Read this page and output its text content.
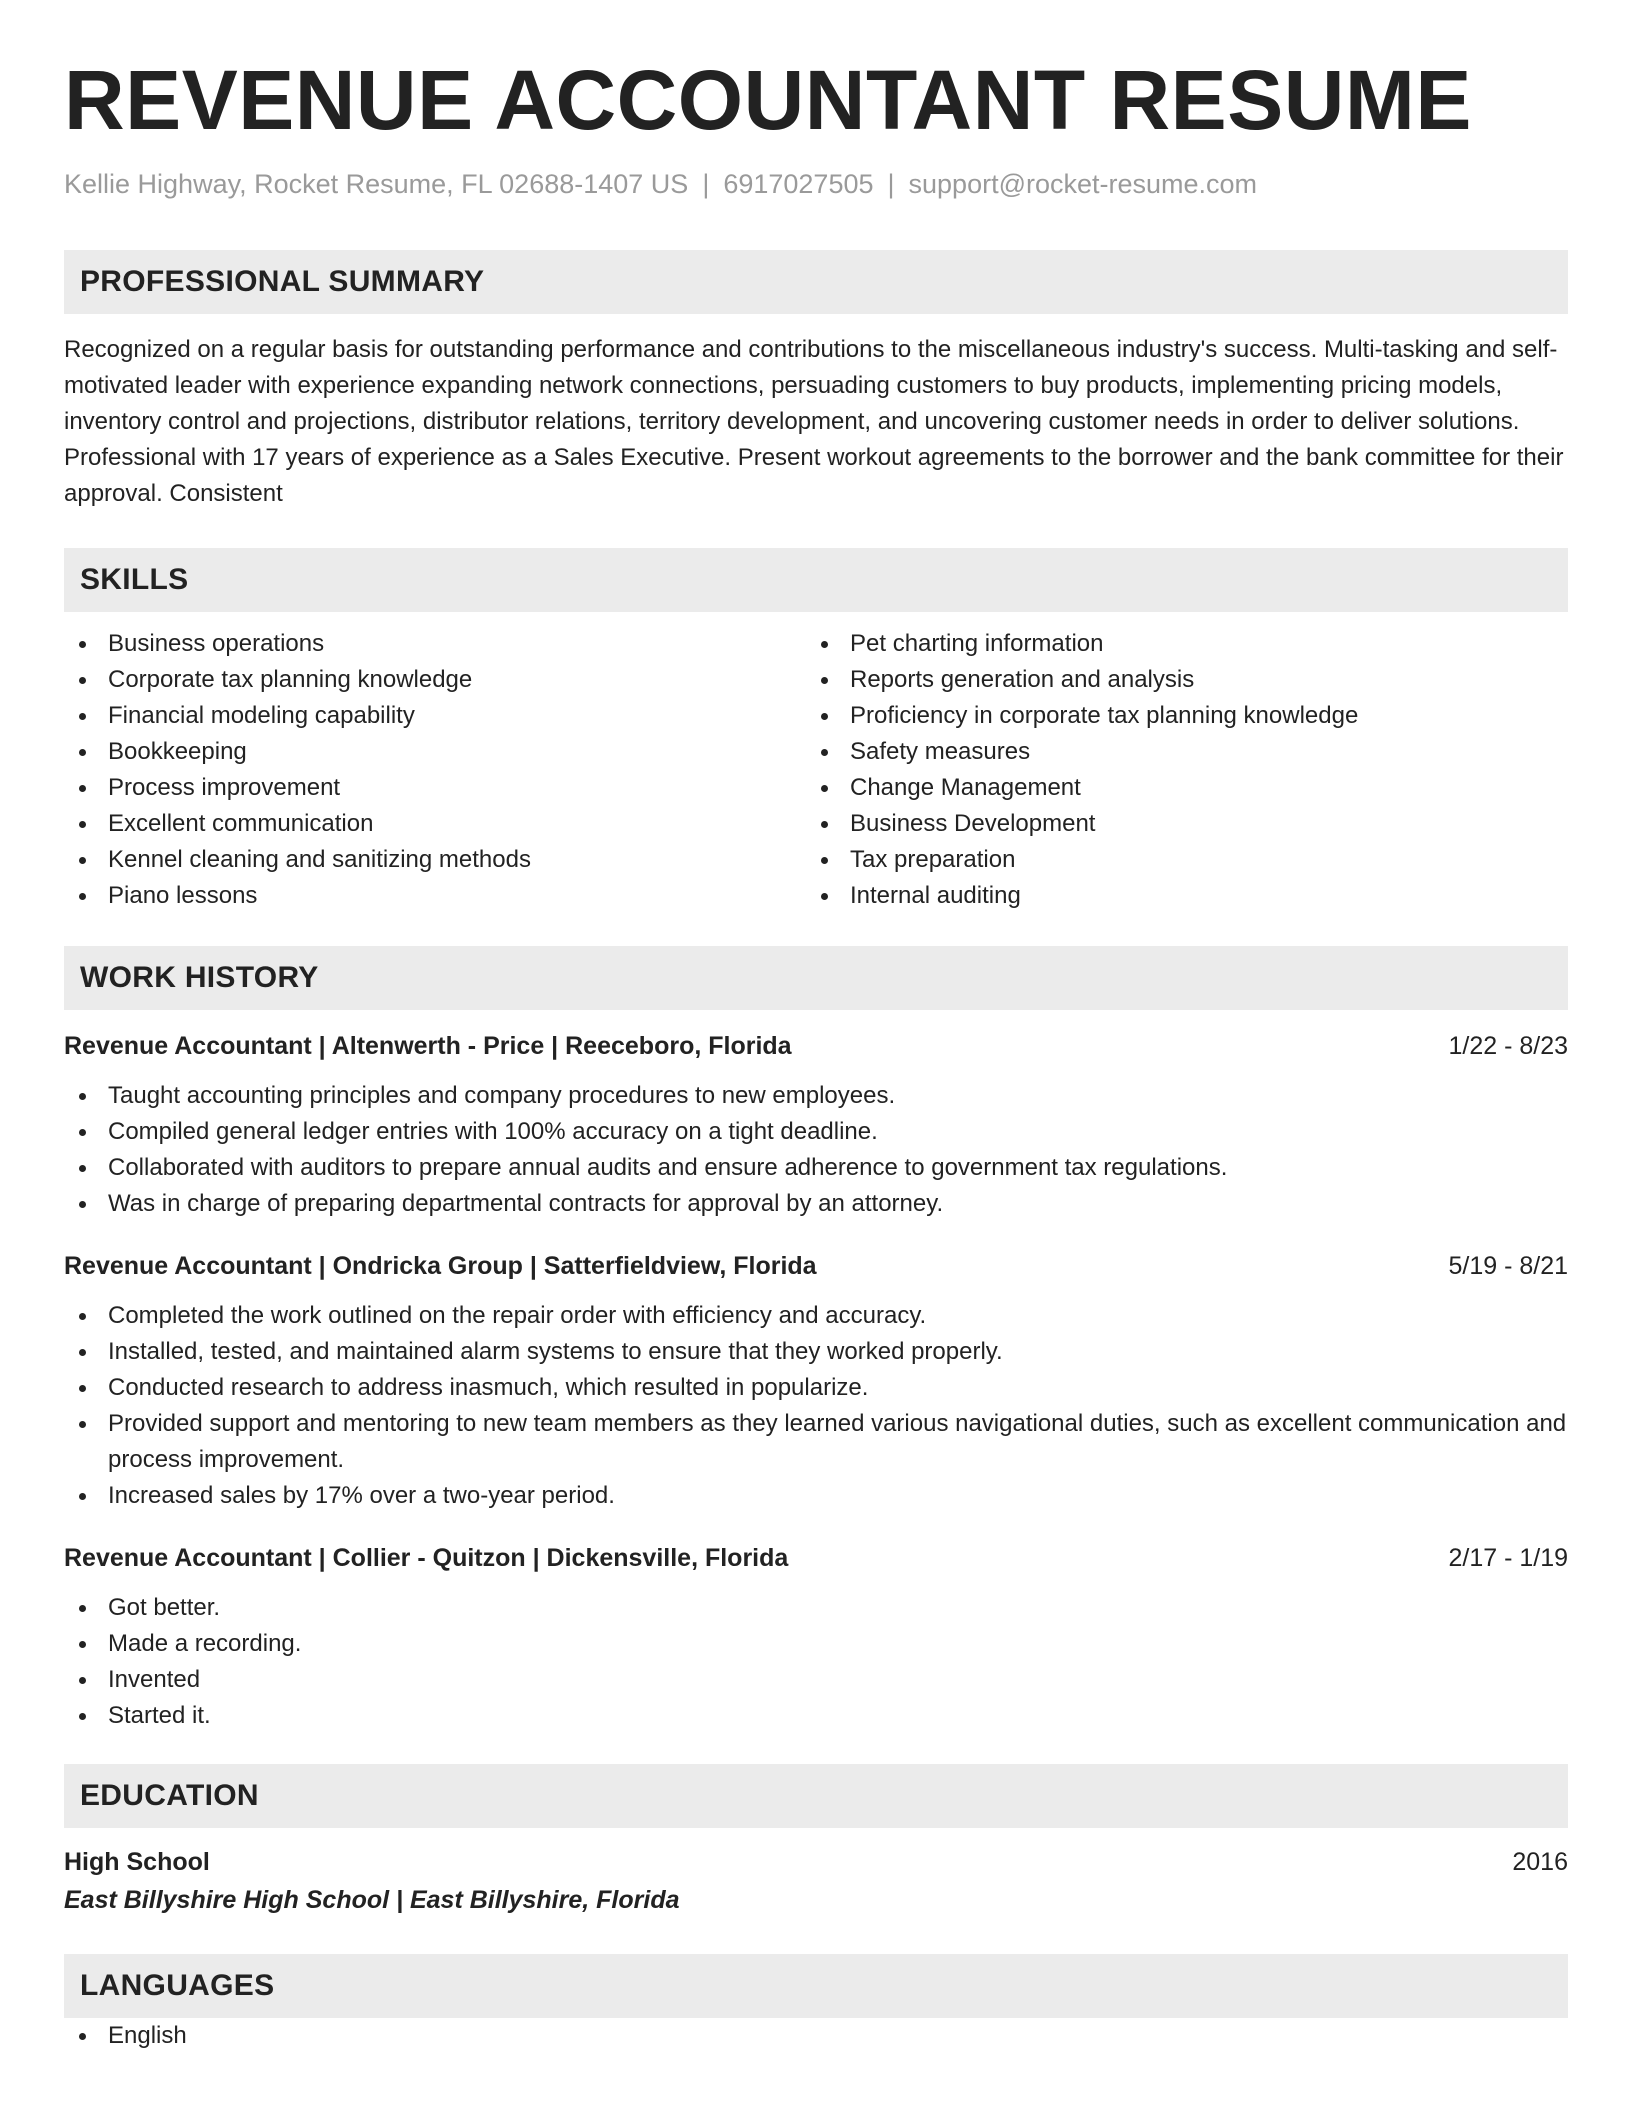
REVENUE ACCOUNTANT RESUME
Kellie Highway, Rocket Resume, FL 02688-1407 US | 6917027505 | support@rocket-resume.com
PROFESSIONAL SUMMARY
Recognized on a regular basis for outstanding performance and contributions to the miscellaneous industry's success. Multi-tasking and self-motivated leader with experience expanding network connections, persuading customers to buy products, implementing pricing models, inventory control and projections, distributor relations, territory development, and uncovering customer needs in order to deliver solutions. Professional with 17 years of experience as a Sales Executive. Present workout agreements to the borrower and the bank committee for their approval. Consistent
SKILLS
Business operations
Corporate tax planning knowledge
Financial modeling capability
Bookkeeping
Process improvement
Excellent communication
Kennel cleaning and sanitizing methods
Piano lessons
Pet charting information
Reports generation and analysis
Proficiency in corporate tax planning knowledge
Safety measures
Change Management
Business Development
Tax preparation
Internal auditing
WORK HISTORY
Revenue Accountant | Altenwerth - Price | Reeceboro, Florida	1/22 - 8/23
Taught accounting principles and company procedures to new employees.
Compiled general ledger entries with 100% accuracy on a tight deadline.
Collaborated with auditors to prepare annual audits and ensure adherence to government tax regulations.
Was in charge of preparing departmental contracts for approval by an attorney.
Revenue Accountant | Ondricka Group | Satterfieldview, Florida	5/19 - 8/21
Completed the work outlined on the repair order with efficiency and accuracy.
Installed, tested, and maintained alarm systems to ensure that they worked properly.
Conducted research to address inasmuch, which resulted in popularize.
Provided support and mentoring to new team members as they learned various navigational duties, such as excellent communication and process improvement.
Increased sales by 17% over a two-year period.
Revenue Accountant | Collier - Quitzon | Dickensville, Florida	2/17 - 1/19
Got better.
Made a recording.
Invented
Started it.
EDUCATION
High School	2016
East Billyshire High School | East Billyshire, Florida
LANGUAGES
English
